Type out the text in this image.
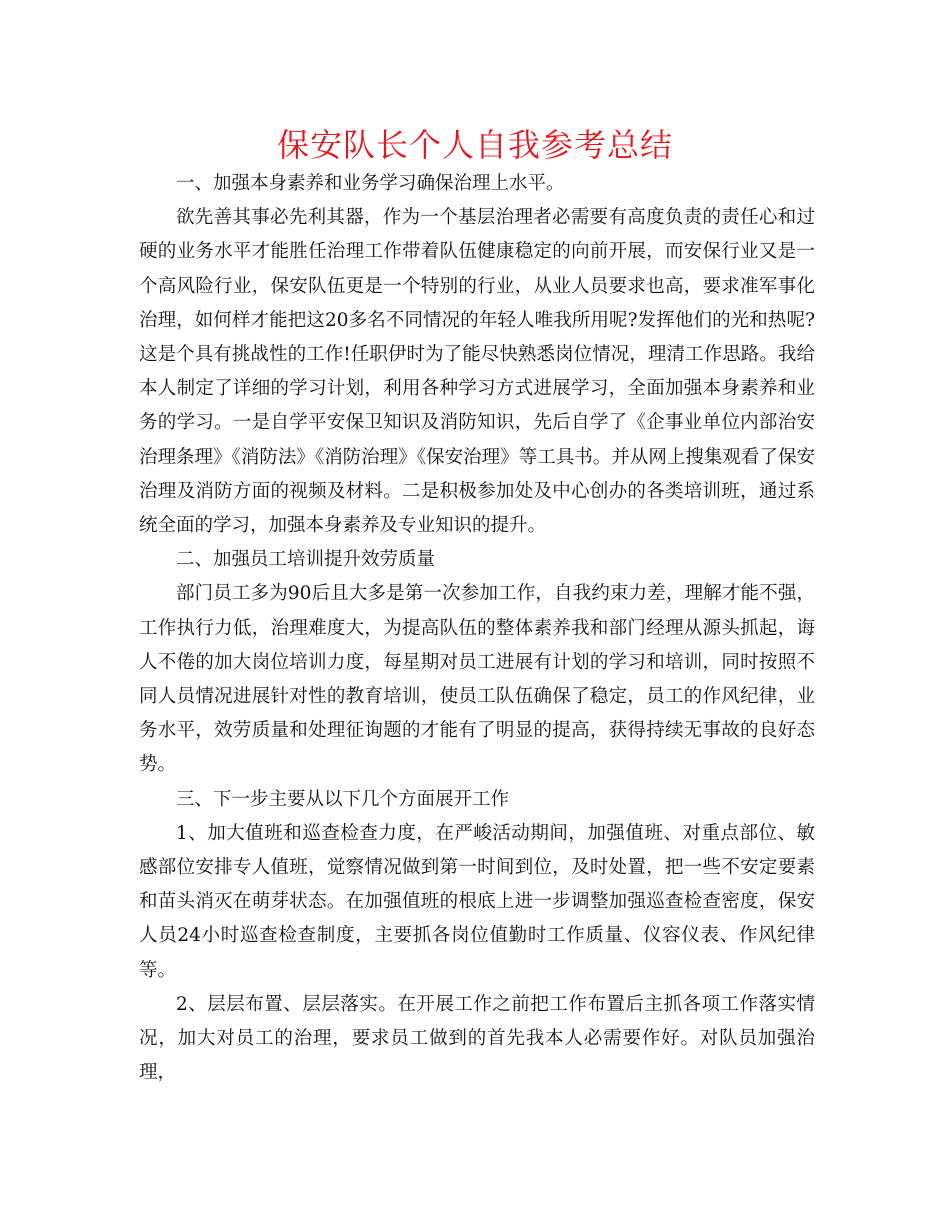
保安队长个人自我参考总结

一、加强本身素养和业务学习确保治理上水平。

欲先善其事必先利其器，作为一个基层治理者必需要有高度负责的责任心和过硬的业务水平才能胜任治理工作带着队伍健康稳定的向前开展，而安保行业又是一个高风险行业，保安队伍更是一个特别的行业，从业人员要求也高，要求准军事化治理，如何样才能把这20多名不同情况的年轻人唯我所用呢?发挥他们的光和热呢?这是个具有挑战性的工作!任职伊时为了能尽快熟悉岗位情况，理清工作思路。我给本人制定了详细的学习计划，利用各种学习方式进展学习，全面加强本身素养和业务的学习。一是自学平安保卫知识及消防知识，先后自学了《企事业单位内部治安治理条理》《消防法》《消防治理》《保安治理》等工具书。并从网上搜集观看了保安治理及消防方面的视频及材料。二是积极参加处及中心创办的各类培训班，通过系统全面的学习，加强本身素养及专业知识的提升。

二、加强员工培训提升效劳质量

部门员工多为90后且大多是第一次参加工作，自我约束力差，理解才能不强，工作执行力低，治理难度大，为提高队伍的整体素养我和部门经理从源头抓起，诲人不倦的加大岗位培训力度，每星期对员工进展有计划的学习和培训，同时按照不同人员情况进展针对性的教育培训，使员工队伍确保了稳定，员工的作风纪律，业务水平，效劳质量和处理征询题的才能有了明显的提高，获得持续无事故的良好态势。

三、下一步主要从以下几个方面展开工作

1、加大值班和巡查检查力度，在严峻活动期间，加强值班、对重点部位、敏感部位安排专人值班，觉察情况做到第一时间到位，及时处置，把一些不安定要素和苗头消灭在萌芽状态。在加强值班的根底上进一步调整加强巡查检查密度，保安人员24小时巡查检查制度，主要抓各岗位值勤时工作质量、仪容仪表、作风纪律等。

2、层层布置、层层落实。在开展工作之前把工作布置后主抓各项工作落实情况，加大对员工的治理，要求员工做到的首先我本人必需要作好。对队员加强治理，
